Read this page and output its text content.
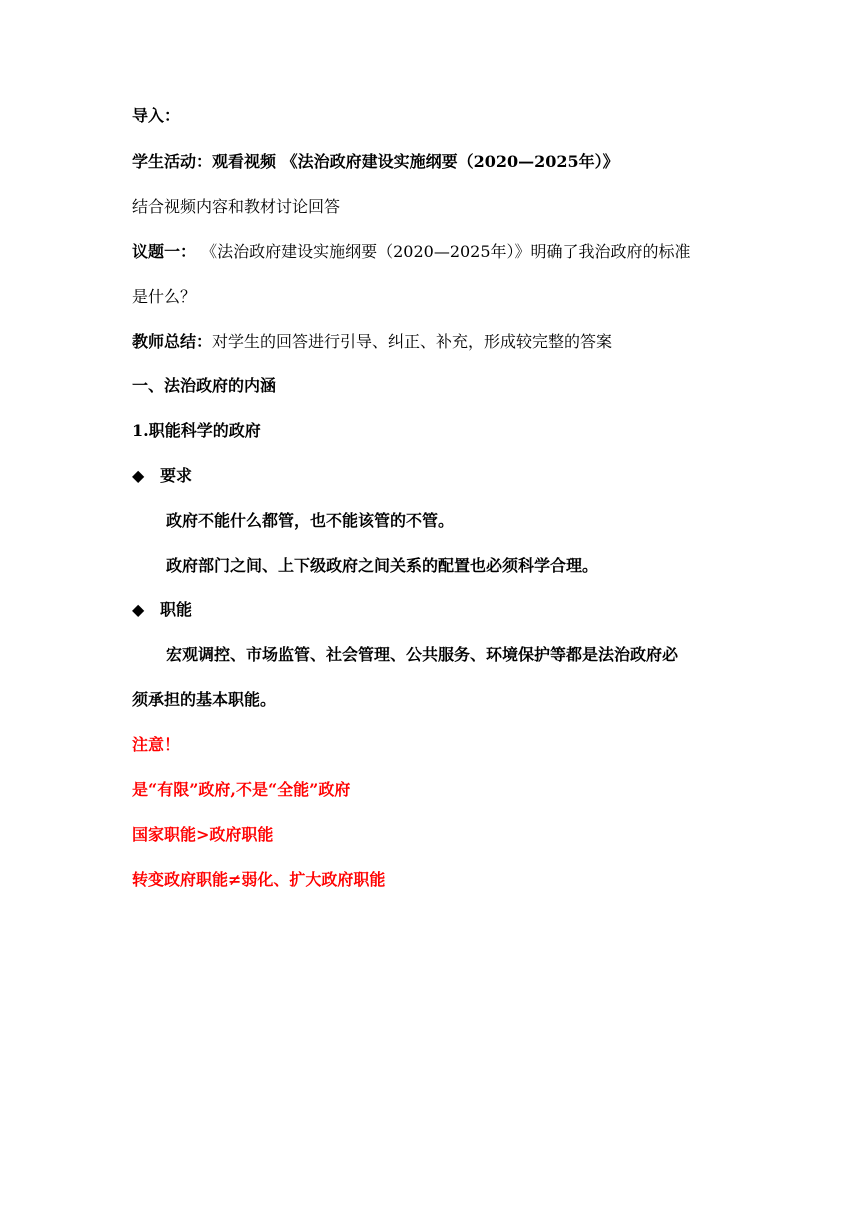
导入：
学生活动：观看视频 《法治政府建设实施纲要（2020—2025年）》
结合视频内容和教材讨论回答
议题一： 《法治政府建设实施纲要（2020—2025年）》明确了我治政府的标准
是什么？
教师总结：对学生的回答进行引导、纠正、补充，形成较完整的答案
一、法治政府的内涵
1.职能科学的政府
◆ 要求
政府不能什么都管，也不能该管的不管。
政府部门之间、上下级政府之间关系的配置也必须科学合理。
◆ 职能
宏观调控、市场监管、社会管理、公共服务、环境保护等都是法治政府必
须承担的基本职能。
注意！
是“有限”政府,不是“全能”政府
国家职能>政府职能
转变政府职能≠弱化、扩大政府职能
